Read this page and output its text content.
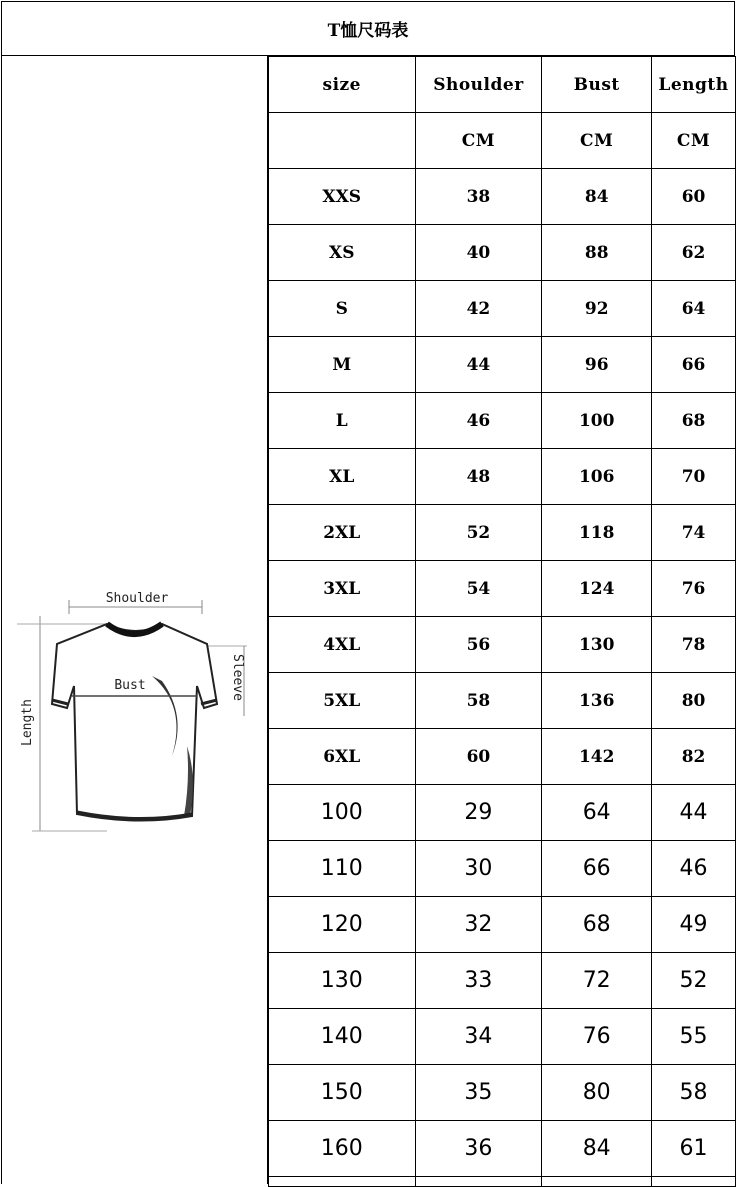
T恤尺码表
Shoulder
Length
Sleeve
Bust
size	Shoulder	Bust	Length
	CM	CM	CM
XXS	38	84	60
XS	40	88	62
S	42	92	64
M	44	96	66
L	46	100	68
XL	48	106	70
2XL	52	118	74
3XL	54	124	76
4XL	56	130	78
5XL	58	136	80
6XL	60	142	82
100	29	64	44
110	30	66	46
120	32	68	49
130	33	72	52
140	34	76	55
150	35	80	58
160	36	84	61
